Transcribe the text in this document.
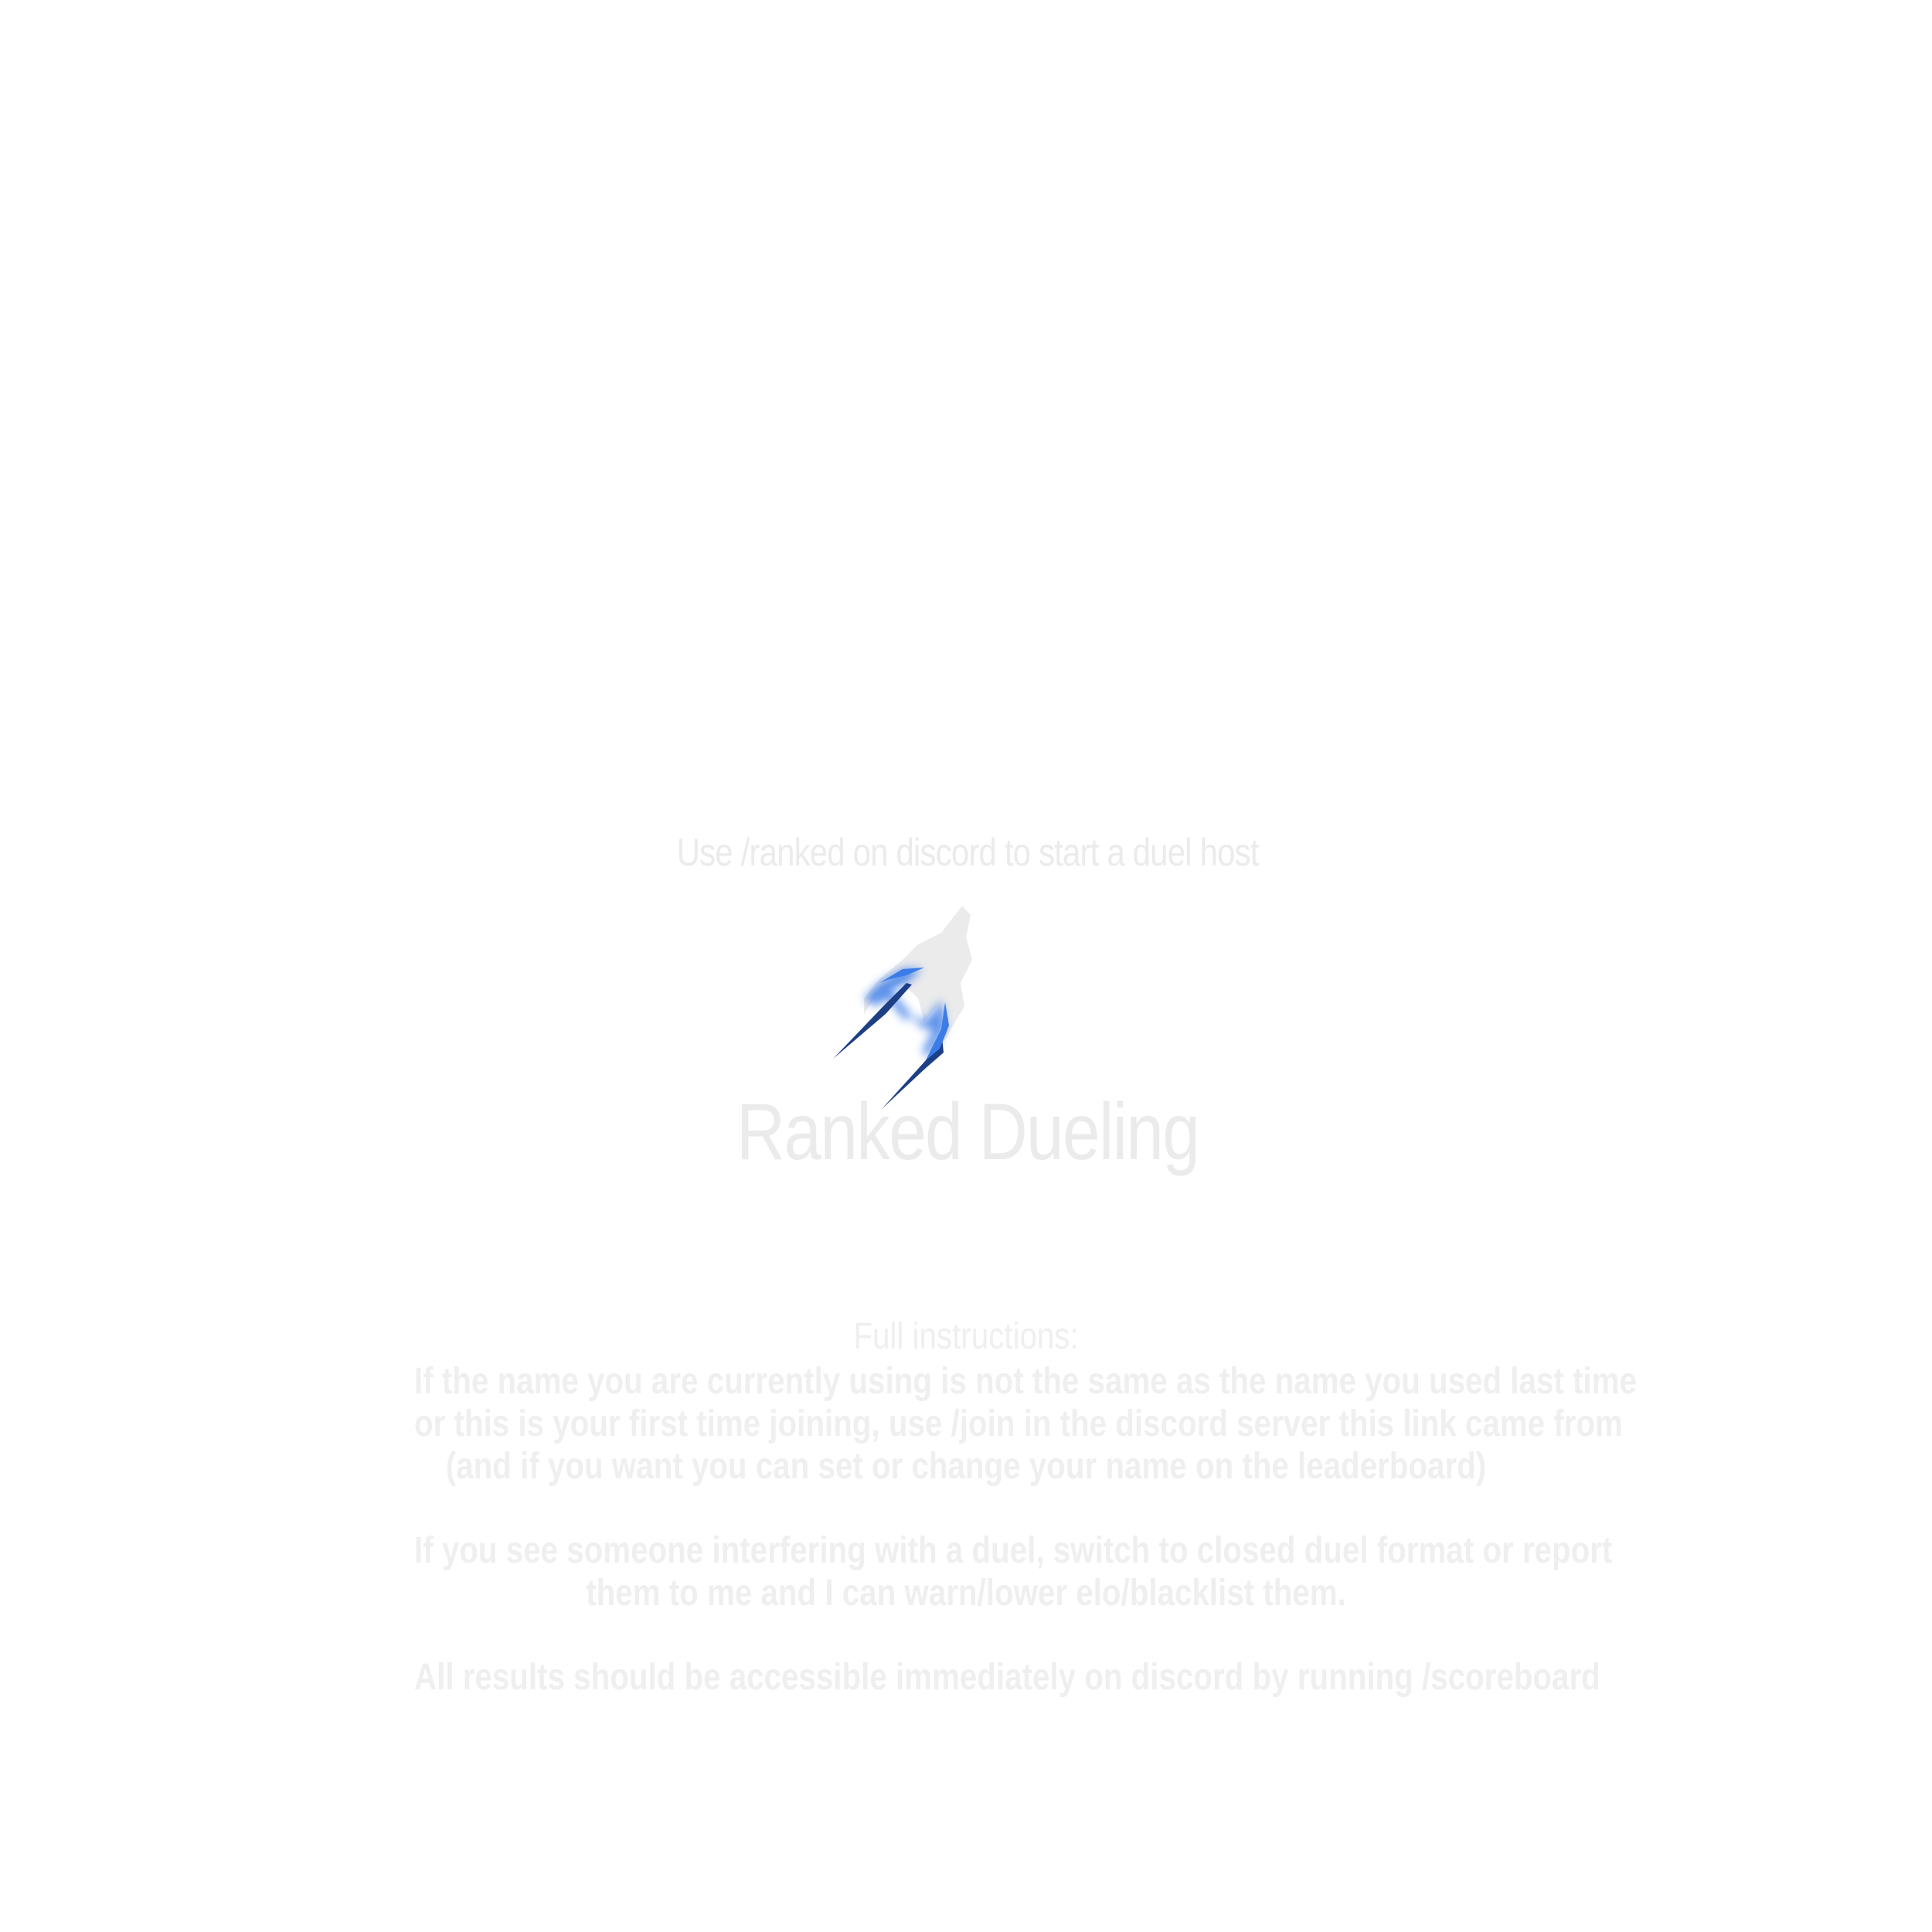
Use /ranked on discord to start a duel host
Ranked Dueling
Full instructions:
If the name you are currently using is not the same as the name you used last time
or this is your first time joining, use /join in the discord server this link came from
(and if you want you can set or change your name on the leaderboard)
If you see someone interfering with a duel, switch to closed duel format or report
them to me and I can warn/lower elo/blacklist them.
All results should be accessible immediately on discord by running /scoreboard
